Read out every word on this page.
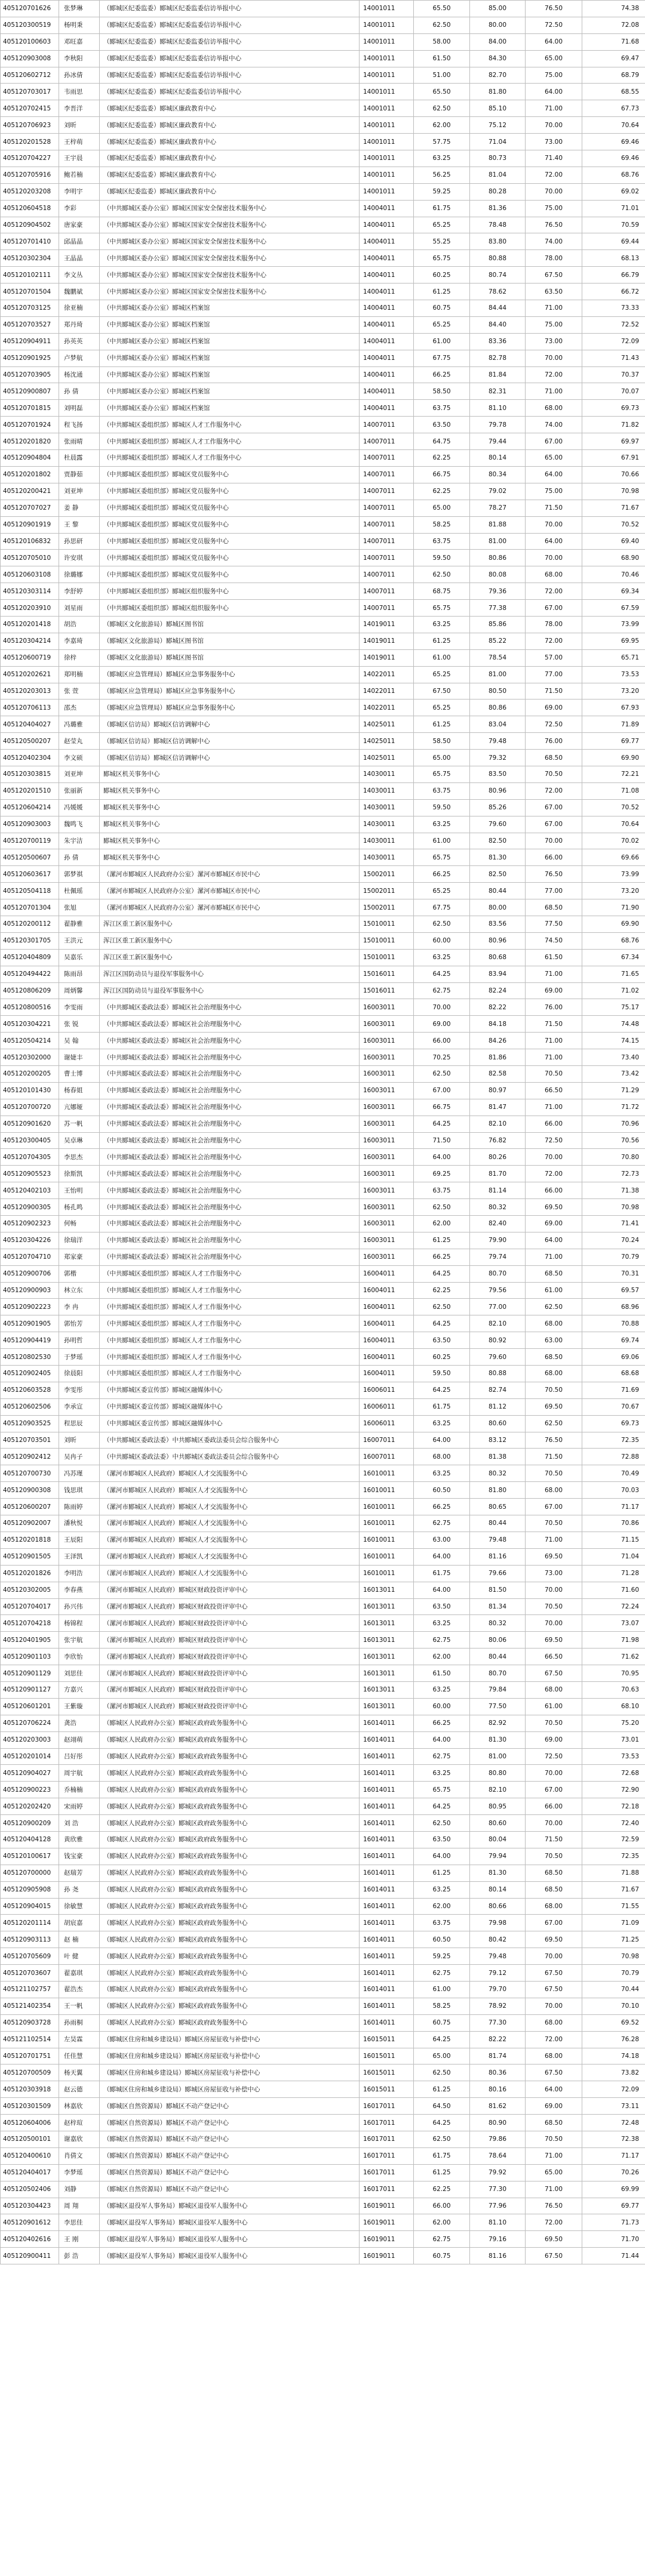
405120701626	张梦琳	（郾城区纪委监委）郾城区纪委监委信访举报中心	14001011	65.50	85.00	76.50	74.38
405120300519	杨明秉	（郾城区纪委监委）郾城区纪委监委信访举报中心	14001011	62.50	80.00	72.50	72.08
405120100603	邓旺嘉	（郾城区纪委监委）郾城区纪委监委信访举报中心	14001011	58.00	84.00	64.00	71.68
405120903008	李秋阳	（郾城区纪委监委）郾城区纪委监委信访举报中心	14001011	61.50	84.30	65.00	69.47
405120602712	孙冰倩	（郾城区纪委监委）郾城区纪委监委信访举报中心	14001011	51.00	82.70	75.00	68.79
405120703017	韦雨思	（郾城区纪委监委）郾城区纪委监委信访举报中心	14001011	65.50	81.80	64.00	68.55
405120702415	李晋洋	（郾城区纪委监委）郾城区廉政教育中心	14001011	62.50	85.10	71.00	67.73
405120706923	刘昕	（郾城区纪委监委）郾城区廉政教育中心	14001011	62.00	75.12	70.00	70.64
405120201528	王梓萌	（郾城区纪委监委）郾城区廉政教育中心	14001011	57.75	71.04	73.00	69.46
405120704227	王宇晨	（郾城区纪委监委）郾城区廉政教育中心	14001011	63.25	80.73	71.40	69.46
405120705916	鲍若楠	（郾城区纪委监委）郾城区廉政教育中心	14001011	56.25	81.04	72.00	68.76
405120203208	李明宇	（郾城区纪委监委）郾城区廉政教育中心	14001011	59.25	80.28	70.00	69.02
405120604518	李彩	（中共郾城区委办公室）郾城区国家安全保密技术服务中心	14004011	61.75	81.36	75.00	71.01
405120904502	唐家豪	（中共郾城区委办公室）郾城区国家安全保密技术服务中心	14004011	65.25	78.48	76.50	70.59
405120701410	邱晶晶	（中共郾城区委办公室）郾城区国家安全保密技术服务中心	14004011	55.25	83.80	74.00	69.44
405120302304	王晶晶	（中共郾城区委办公室）郾城区国家安全保密技术服务中心	14004011	65.75	80.88	78.00	68.13
405120102111	李文丛	（中共郾城区委办公室）郾城区国家安全保密技术服务中心	14004011	60.25	80.74	67.50	66.79
405120701504	魏鹏斌	（中共郾城区委办公室）郾城区国家安全保密技术服务中心	14004011	61.25	78.62	63.50	66.72
405120703125	徐亚楠	（中共郾城区委办公室）郾城区档案馆	14004011	60.75	84.44	71.00	73.33
405120703527	郑丹琦	（中共郾城区委办公室）郾城区档案馆	14004011	65.25	84.40	75.00	72.52
405120904911	孙英英	（中共郾城区委办公室）郾城区档案馆	14004011	61.00	83.36	73.00	72.09
405120901925	卢梦航	（中共郾城区委办公室）郾城区档案馆	14004011	67.75	82.78	70.00	71.43
405120703905	杨沈通	（中共郾城区委办公室）郾城区档案馆	14004011	66.25	81.84	72.00	70.37
405120900807	孙 倩	（中共郾城区委办公室）郾城区档案馆	14004011	58.50	82.31	71.00	70.07
405120701815	刘明磊	（中共郾城区委办公室）郾城区档案馆	14004011	63.75	81.10	68.00	69.73
405120701924	程飞扬	（中共郾城区委组织部）郾城区人才工作服务中心	14007011	63.50	79.78	74.00	71.82
405120201820	张雨晴	（中共郾城区委组织部）郾城区人才工作服务中心	14007011	64.75	79.44	67.00	69.97
405120904804	杜晨露	（中共郾城区委组织部）郾城区人才工作服务中心	14007011	62.25	80.14	65.00	67.91
405120201802	贾静茹	（中共郾城区委组织部）郾城区党员服务中心	14007011	66.75	80.34	64.00	70.66
405120200421	刘亚坤	（中共郾城区委组织部）郾城区党员服务中心	14007011	62.25	79.02	75.00	70.98
405120707027	姜 静	（中共郾城区委组织部）郾城区党员服务中心	14007011	65.00	78.27	71.50	71.67
405120901919	王 黎	（中共郾城区委组织部）郾城区党员服务中心	14007011	58.25	81.88	70.00	70.52
405120106832	孙思研	（中共郾城区委组织部）郾城区党员服务中心	14007011	63.75	81.00	64.00	69.40
405120705010	许安琪	（中共郾城区委组织部）郾城区党员服务中心	14007011	59.50	80.86	70.00	68.90
405120603108	徐璐娜	（中共郾城区委组织部）郾城区党员服务中心	14007011	62.50	80.08	68.00	70.46
405120303114	李舒婷	（中共郾城区委组织部）郾城区组织服务中心	14007011	68.75	79.36	72.00	69.34
405120203910	刘星雨	（中共郾城区委组织部）郾城区组织服务中心	14007011	65.75	77.38	67.00	67.59
405120201418	胡浩	（郾城区文化旅游局）郾城区图书馆	14019011	63.25	85.86	78.00	73.99
405120304214	李嘉琦	（郾城区文化旅游局）郾城区图书馆	14019011	61.25	85.22	72.00	69.95
405120600719	徐梓	（郾城区文化旅游局）郾城区图书馆	14019011	61.00	78.54	57.00	65.71
405120202621	郑明楠	（郾城区应急管理局）郾城区应急事务服务中心	14022011	65.25	81.00	77.00	73.53
405120203013	张 萱	（郾城区应急管理局）郾城区应急事务服务中心	14022011	67.50	80.50	71.50	73.20
405120706113	邵杰	（郾城区应急管理局）郾城区应急事务服务中心	14022011	65.25	80.86	69.00	67.93
405120404027	冯璐雅	（郾城区信访局）郾城区信访调解中心	14025011	61.25	83.04	72.50	71.89
405120500207	赵莹丸	（郾城区信访局）郾城区信访调解中心	14025011	58.50	79.48	76.00	69.77
405120402304	李文硕	（郾城区信访局）郾城区信访调解中心	14025011	65.00	79.32	68.50	69.90
405120303815	刘亚坤	郾城区机关事务中心	14030011	65.75	83.50	70.50	72.21
405120201510	张丽新	郾城区机关事务中心	14030011	63.75	80.96	72.00	71.08
405120604214	冯媛媛	郾城区机关事务中心	14030011	59.50	85.26	67.00	70.52
405120903003	魏鸣飞	郾城区机关事务中心	14030011	63.25	79.60	67.00	70.64
405120700119	朱宇洁	郾城区机关事务中心	14030011	61.00	82.50	70.00	70.02
405120500607	孙 倩	郾城区机关事务中心	14030011	65.75	81.30	66.00	69.66
405120603617	郭梦祺	（漯河市郾城区人民政府办公室）漯河市郾城区市民中心	15002011	66.25	82.50	76.50	73.99
405120504118	杜佩瑶	（漯河市郾城区人民政府办公室）漯河市郾城区市民中心	15002011	65.25	80.44	77.00	73.20
405120701304	张旭	（漯河市郾城区人民政府办公室）漯河市郾城区市民中心	15002011	67.75	80.00	68.50	71.90
405120200112	翟静雅	浑江区重工新区服务中心	15010011	62.50	83.56	77.50	69.90
405120301705	王洪元	浑江区重工新区服务中心	15010011	60.00	80.96	74.50	68.76
405120404809	吴嘉乐	浑江区重工新区服务中心	15010011	63.25	80.68	61.50	67.34
405120494422	陈雨昂	浑江区国防动员与退役军事服务中心	15016011	64.25	83.94	71.00	71.65
405120806209	周炳馨	浑江区国防动员与退役军事服务中心	15016011	62.75	82.24	69.00	71.02
405120800516	李雯雨	（中共郾城区委政法委）郾城区社会治理服务中心	16003011	70.00	82.22	76.00	75.17
405120304221	张 锐	（中共郾城区委政法委）郾城区社会治理服务中心	16003011	69.00	84.18	71.50	74.48
405120504214	吴 翰	（中共郾城区委政法委）郾城区社会治理服务中心	16003011	66.00	84.26	71.00	74.15
405120302000	谢婕丰	（中共郾城区委政法委）郾城区社会治理服务中心	16003011	70.25	81.86	71.00	73.40
405120200205	曹士博	（中共郾城区委政法委）郾城区社会治理服务中心	16003011	62.50	82.58	70.50	73.42
405120101430	杨春姐	（中共郾城区委政法委）郾城区社会治理服务中心	16003011	67.00	80.97	66.50	71.29
405120700720	亢娜娅	（中共郾城区委政法委）郾城区社会治理服务中心	16003011	66.75	81.47	71.00	71.72
405120901620	苏一帆	（中共郾城区委政法委）郾城区社会治理服务中心	16003011	64.25	82.10	66.00	70.96
405120300405	吴卓琳	（中共郾城区委政法委）郾城区社会治理服务中心	16003011	71.50	76.82	72.50	70.56
405120704305	李思杰	（中共郾城区委政法委）郾城区社会治理服务中心	16003011	64.00	80.26	70.00	70.80
405120905523	徐斯凯	（中共郾城区委政法委）郾城区社会治理服务中心	16003011	69.25	81.70	72.00	72.73
405120402103	王怡明	（中共郾城区委政法委）郾城区社会治理服务中心	16003011	63.75	81.14	66.00	71.38
405120900305	杨孔鸣	（中共郾城区委政法委）郾城区社会治理服务中心	16003011	62.50	80.32	69.50	70.98
405120902323	何畅	（中共郾城区委政法委）郾城区社会治理服务中心	16003011	62.00	82.40	69.00	71.41
405120304226	徐瑞洋	（中共郾城区委政法委）郾城区社会治理服务中心	16003011	61.25	79.90	64.00	70.24
405120704710	郑家豪	（中共郾城区委政法委）郾城区社会治理服务中心	16003011	66.25	79.74	71.00	70.79
405120900706	郭楷	（中共郾城区委组织部）郾城区人才工作服务中心	16004011	64.25	80.70	68.50	70.31
405120900903	林立东	（中共郾城区委组织部）郾城区人才工作服务中心	16004011	62.25	79.56	61.00	69.57
405120902223	李 冉	（中共郾城区委组织部）郾城区人才工作服务中心	16004011	62.50	77.00	62.50	68.96
405120901905	郭怡芳	（中共郾城区委组织部）郾城区人才工作服务中心	16004011	64.25	82.10	68.00	70.88
405120904419	孙明哲	（中共郾城区委组织部）郾城区人才工作服务中心	16004011	63.50	80.92	63.00	69.74
405120802530	于梦瑶	（中共郾城区委组织部）郾城区人才工作服务中心	16004011	60.25	79.60	68.50	69.06
405120902405	徐晨阳	（中共郾城区委组织部）郾城区人才工作服务中心	16004011	59.50	80.88	68.00	68.68
405120603528	李雯彤	（中共郾城区委宣传部）郾城区融媒体中心	16006011	64.25	82.74	70.50	71.69
405120602506	李承宣	（中共郾城区委宣传部）郾城区融媒体中心	16006011	61.75	81.12	69.50	70.67
405120903525	程思辰	（中共郾城区委宣传部）郾城区融媒体中心	16006011	63.25	80.60	62.50	69.73
405120703501	刘昕	（中共郾城区委政法委）中共郾城区委政法委员会综合服务中心	16007011	64.00	83.12	76.50	72.35
405120902412	吴冉子	（中共郾城区委政法委）中共郾城区委政法委员会综合服务中心	16007011	68.00	81.38	71.50	72.88
405120700730	冯苏瑾	（漯河市郾城区人民政府）郾城区人才交流服务中心	16010011	63.25	80.32	70.50	70.49
405120900308	钱思琪	（漯河市郾城区人民政府）郾城区人才交流服务中心	16010011	60.50	81.80	68.00	70.03
405120600207	陈雨婷	（漯河市郾城区人民政府）郾城区人才交流服务中心	16010011	66.25	80.65	67.00	71.17
405120902007	潘秋悦	（漯河市郾城区人民政府）郾城区人才交流服务中心	16010011	62.75	80.44	70.50	70.86
405120201818	王辰阳	（漯河市郾城区人民政府）郾城区人才交流服务中心	16010011	63.00	79.48	71.00	71.15
405120901505	王泽凯	（漯河市郾城区人民政府）郾城区人才交流服务中心	16010011	64.00	81.16	69.50	71.04
405120201826	李明浩	（漯河市郾城区人民政府）郾城区人才交流服务中心	16010011	61.75	79.66	73.00	71.28
405120302005	李春燕	（漯河市郾城区人民政府）郾城区财政投资评审中心	16013011	64.00	81.50	70.00	71.60
405120704017	孙兴伟	（漯河市郾城区人民政府）郾城区财政投资评审中心	16013011	63.50	81.34	70.50	72.24
405120704218	杨锦程	（漯河市郾城区人民政府）郾城区财政投资评审中心	16013011	63.25	80.32	70.00	73.07
405120401905	张宇航	（漯河市郾城区人民政府）郾城区财政投资评审中心	16013011	62.75	80.06	69.50	71.98
405120901103	李欣怡	（漯河市郾城区人民政府）郾城区财政投资评审中心	16013011	62.00	80.44	66.50	71.62
405120901129	刘思佳	（漯河市郾城区人民政府）郾城区财政投资评审中心	16013011	61.50	80.70	67.50	70.95
405120901127	方嘉兴	（漯河市郾城区人民政府）郾城区财政投资评审中心	16013011	63.25	79.84	68.00	70.63
405120601201	王紫璇	（漯河市郾城区人民政府）郾城区财政投资评审中心	16013011	60.00	77.50	61.00	68.10
405120706224	龚浩	（郾城区人民政府办公室）郾城区政府政务服务中心	16014011	66.25	82.92	70.50	75.20
405120203003	赵翊萌	（郾城区人民政府办公室）郾城区政府政务服务中心	16014011	64.00	81.30	69.00	73.01
405120201014	吕好彤	（郾城区人民政府办公室）郾城区政府政务服务中心	16014011	62.75	81.00	72.50	73.53
405120904027	周宇航	（郾城区人民政府办公室）郾城区政府政务服务中心	16014011	63.25	80.80	70.00	72.68
405120900223	乔楠楠	（郾城区人民政府办公室）郾城区政府政务服务中心	16014011	65.75	82.10	67.00	72.90
405120202420	宋雨婷	（郾城区人民政府办公室）郾城区政府政务服务中心	16014011	64.25	80.95	66.00	72.18
405120900209	刘 浩	（郾城区人民政府办公室）郾城区政府政务服务中心	16014011	62.50	80.60	70.00	72.40
405120404128	黄欣雅	（郾城区人民政府办公室）郾城区政府政务服务中心	16014011	63.50	80.04	71.50	72.59
405120100617	钱宝豪	（郾城区人民政府办公室）郾城区政府政务服务中心	16014011	64.00	79.94	70.50	72.35
405120700000	赵瑞芳	（郾城区人民政府办公室）郾城区政府政务服务中心	16014011	61.25	81.30	68.50	71.88
405120905908	孙 尧	（郾城区人民政府办公室）郾城区政府政务服务中心	16014011	63.25	80.14	68.50	71.67
405120904015	徐敏慧	（郾城区人民政府办公室）郾城区政府政务服务中心	16014011	62.00	80.66	68.00	71.55
405120201114	胡宸嘉	（郾城区人民政府办公室）郾城区政府政务服务中心	16014011	63.75	79.98	67.00	71.09
405120903113	赵 楠	（郾城区人民政府办公室）郾城区政府政务服务中心	16014011	60.50	80.42	69.50	71.25
405120705609	叶 健	（郾城区人民政府办公室）郾城区政府政务服务中心	16014011	59.25	79.48	70.00	70.98
405120703607	翟嘉琪	（郾城区人民政府办公室）郾城区政府政务服务中心	16014011	62.75	79.12	67.50	70.79
405121102757	翟浩杰	（郾城区人民政府办公室）郾城区政府政务服务中心	16014011	61.00	79.70	67.50	70.44
405121402354	王一帆	（郾城区人民政府办公室）郾城区政府政务服务中心	16014011	58.25	78.92	70.00	70.10
405120903728	孙雨桐	（郾城区人民政府办公室）郾城区政府政务服务中心	16014011	60.75	77.30	68.00	69.52
405121102514	左昊霖	（郾城区住房和城乡建设局）郾城区房屋征收与补偿中心	16015011	64.25	82.22	72.00	76.28
405120701751	任佳慧	（郾城区住房和城乡建设局）郾城区房屋征收与补偿中心	16015011	65.00	81.74	68.00	74.18
405120700509	杨天翼	（郾城区住房和城乡建设局）郾城区房屋征收与补偿中心	16015011	62.50	80.36	67.50	73.82
405120303918	赵云德	（郾城区住房和城乡建设局）郾城区房屋征收与补偿中心	16015011	61.25	80.16	64.00	72.09
405120301509	林嘉欣	（郾城区自然资源局）郾城区不动产登记中心	16017011	64.50	81.62	69.00	73.11
405120604006	赵梓瑄	（郾城区自然资源局）郾城区不动产登记中心	16017011	64.25	80.90	68.50	72.48
405120500101	谢嘉欣	（郾城区自然资源局）郾城区不动产登记中心	16017011	62.50	79.86	70.50	72.38
405120400610	肖倩文	（郾城区自然资源局）郾城区不动产登记中心	16017011	61.75	78.64	71.00	71.17
405120404017	李梦瑶	（郾城区自然资源局）郾城区不动产登记中心	16017011	61.25	79.92	65.00	70.26
405120502406	刘静	（郾城区自然资源局）郾城区不动产登记中心	16017011	62.25	77.30	71.00	69.99
405120304423	周 翔	（郾城区退役军人事务局）郾城区退役军人服务中心	16019011	66.00	77.96	76.50	69.77
405120901612	李思佳	（郾城区退役军人事务局）郾城区退役军人服务中心	16019011	62.00	81.10	72.00	71.73
405120402616	王 刚	（郾城区退役军人事务局）郾城区退役军人服务中心	16019011	62.75	79.16	69.50	71.70
405120900411	彭 浩	（郾城区退役军人事务局）郾城区退役军人服务中心	16019011	60.75	81.16	67.50	71.44
